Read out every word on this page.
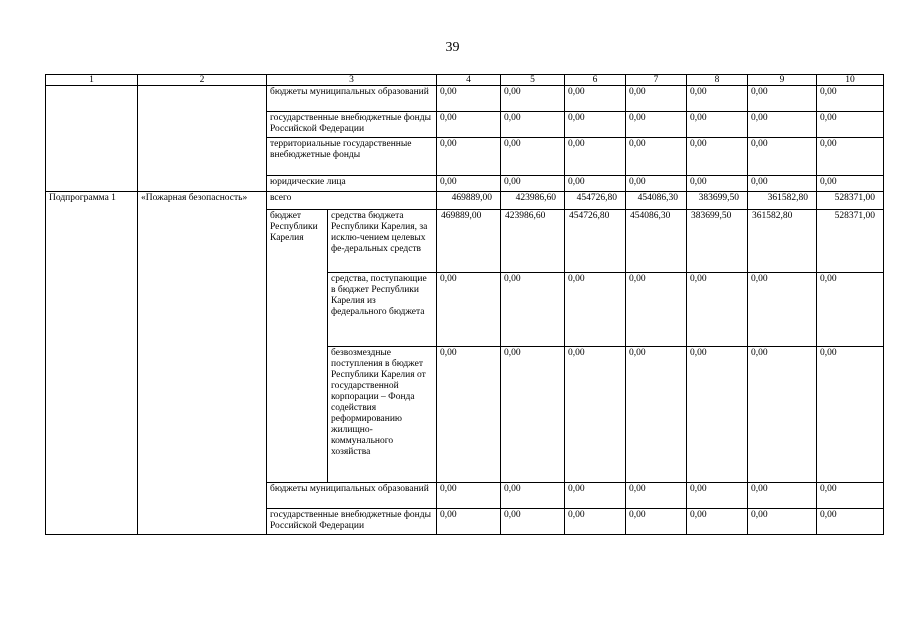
39
1	2	3		4	5	6	7	8	9	10
		бюджеты муниципальных образований		0,00	0,00	0,00	0,00	0,00	0,00	0,00
		государственные внебюджетные фонды Российской Федерации		0,00	0,00	0,00	0,00	0,00	0,00	0,00
		территориальные государственные внебюджетные фонды		0,00	0,00	0,00	0,00	0,00	0,00	0,00
		юридические лица		0,00	0,00	0,00	0,00	0,00	0,00	0,00
Подпрограмма 1	«Пожарная безопасность»	всего		469889,00	423986,60	454726,80	454086,30	383699,50	361582,80	528371,00
		бюджет Республики Карелия	средства бюджета Республики Карелия, за исклю-чением целевых фе-деральных средств	469889,00	423986,60	454726,80	454086,30	383699,50	361582,80	528371,00
			средства, поступающие в бюджет Республики Карелия из федерального бюджета	0,00	0,00	0,00	0,00	0,00	0,00	0,00
			безвозмездные поступления в бюджет Республики Карелия от государственной корпорации – Фонда содействия реформированию жилищно-коммунального хозяйства	0,00	0,00	0,00	0,00	0,00	0,00	0,00
		бюджеты муниципальных образований		0,00	0,00	0,00	0,00	0,00	0,00	0,00
		государственные внебюджетные фонды Российской Федерации		0,00	0,00	0,00	0,00	0,00	0,00	0,00
